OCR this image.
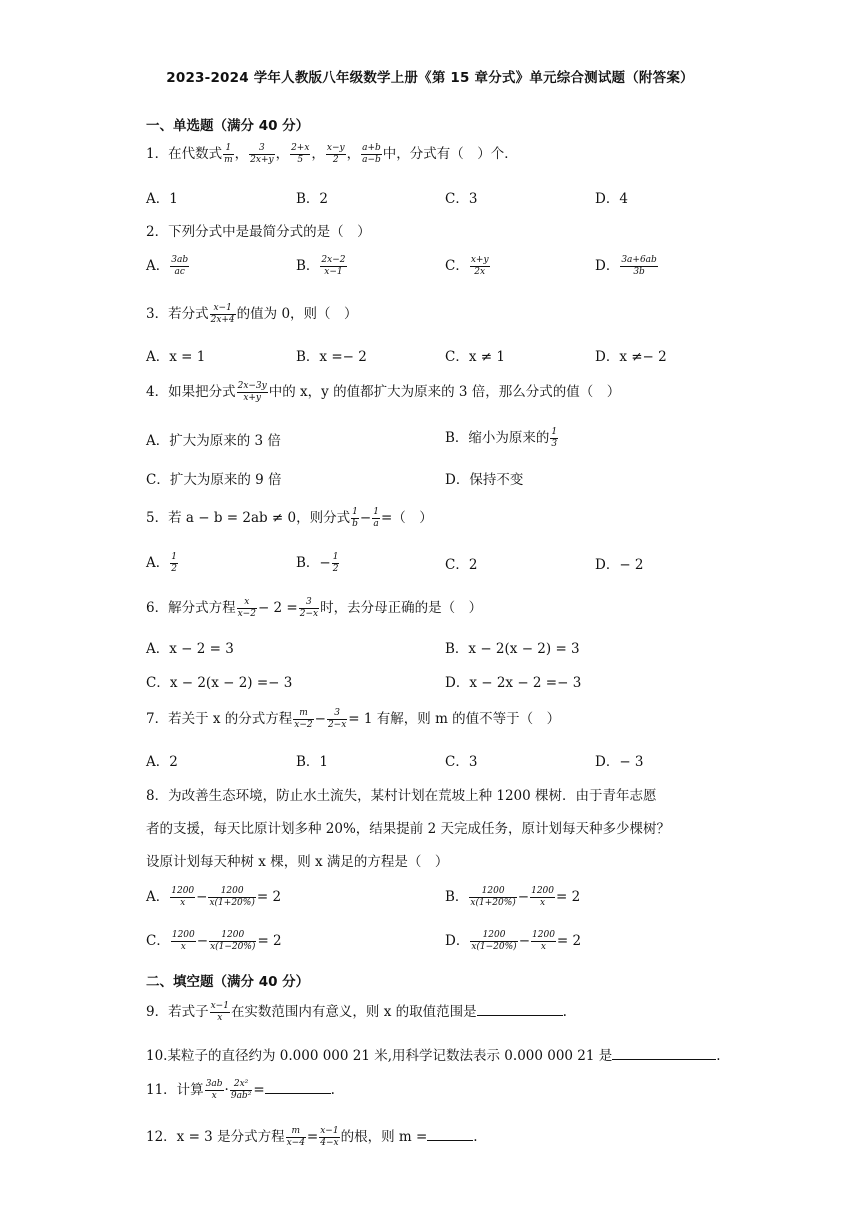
2023-2024 学年人教版八年级数学上册《第 15 章分式》单元综合测试题（附答案）
一、单选题（满分 40 分）
1．在代数式 $\frac{1}{m}$ ， $\frac{3}{2x+y}$ ， $\frac{2+x}{5}$ ， $\frac{x-y}{2}$ ， $\frac{a+b}{a-b}$ 中，分式有（　）个．
A．1	B．2	C．3	D．4
2．下列分式中是最简分式的是（　）
A． $\frac{3ab}{ac}$	B． $\frac{2x-2}{x-1}$	C． $\frac{x+y}{2x}$	D． $\frac{3a+6ab}{3b}$
3．若分式 $\frac{x-1}{2x+4}$ 的值为 0，则（　）
A．x = 1	B．x =− 2	C．x ≠ 1	D．x ≠− 2
4．如果把分式 $\frac{2x-3y}{x+y}$ 中的 x，y 的值都扩大为原来的 3 倍，那么分式的值（　）
A．扩大为原来的 3 倍	B．缩小为原来的 $\frac{1}{3}$
C．扩大为原来的 9 倍	D．保持不变
5．若 a − b = 2ab ≠ 0，则分式 $\frac{1}{b} - \frac{1}{a}$ =（　）
A． $\frac{1}{2}$	B．− $\frac{1}{2}$	C．2	D．− 2
6．解分式方程 $\frac{x}{x-2} - 2 = \frac{3}{2-x}$ 时，去分母正确的是（　）
A．x − 2 = 3	B．x − 2(x − 2) = 3
C．x − 2(x − 2) =− 3	D．x − 2x − 2 =− 3
7．若关于 x 的分式方程 $\frac{m}{x-2} - \frac{3}{2-x} = 1$ 有解，则 m 的值不等于（　）
A．2	B．1	C．3	D．− 3
8．为改善生态环境，防止水土流失，某村计划在荒坡上种 1200 棵树．由于青年志愿
者的支援，每天比原计划多种 20%，结果提前 2 天完成任务，原计划每天种多少棵树？
设原计划每天种树 x 棵，则 x 满足的方程是（　）
A． $\frac{1200}{x} - \frac{1200}{x(1+20\%)} = 2$	B． $\frac{1200}{x(1+20\%)} - \frac{1200}{x} = 2$
C． $\frac{1200}{x} - \frac{1200}{x(1-20\%)} = 2$	D． $\frac{1200}{x(1-20\%)} - \frac{1200}{x} = 2$
二、填空题（满分 40 分）
9．若式子 $\frac{x-1}{x}$ 在实数范围内有意义，则 x 的取值范围是	.
10.某粒子的直径约为 0.000 000 21 米,用科学记数法表示 0.000 000 21 是	.
11．计算 $\frac{3ab}{x} \cdot \frac{\text{2x²}}{\text{9ab²}}$ =	.
12．x = 3 是分式方程 $\frac{m}{x-4} = \frac{x-1}{4-x}$ 的根，则 m =	.
